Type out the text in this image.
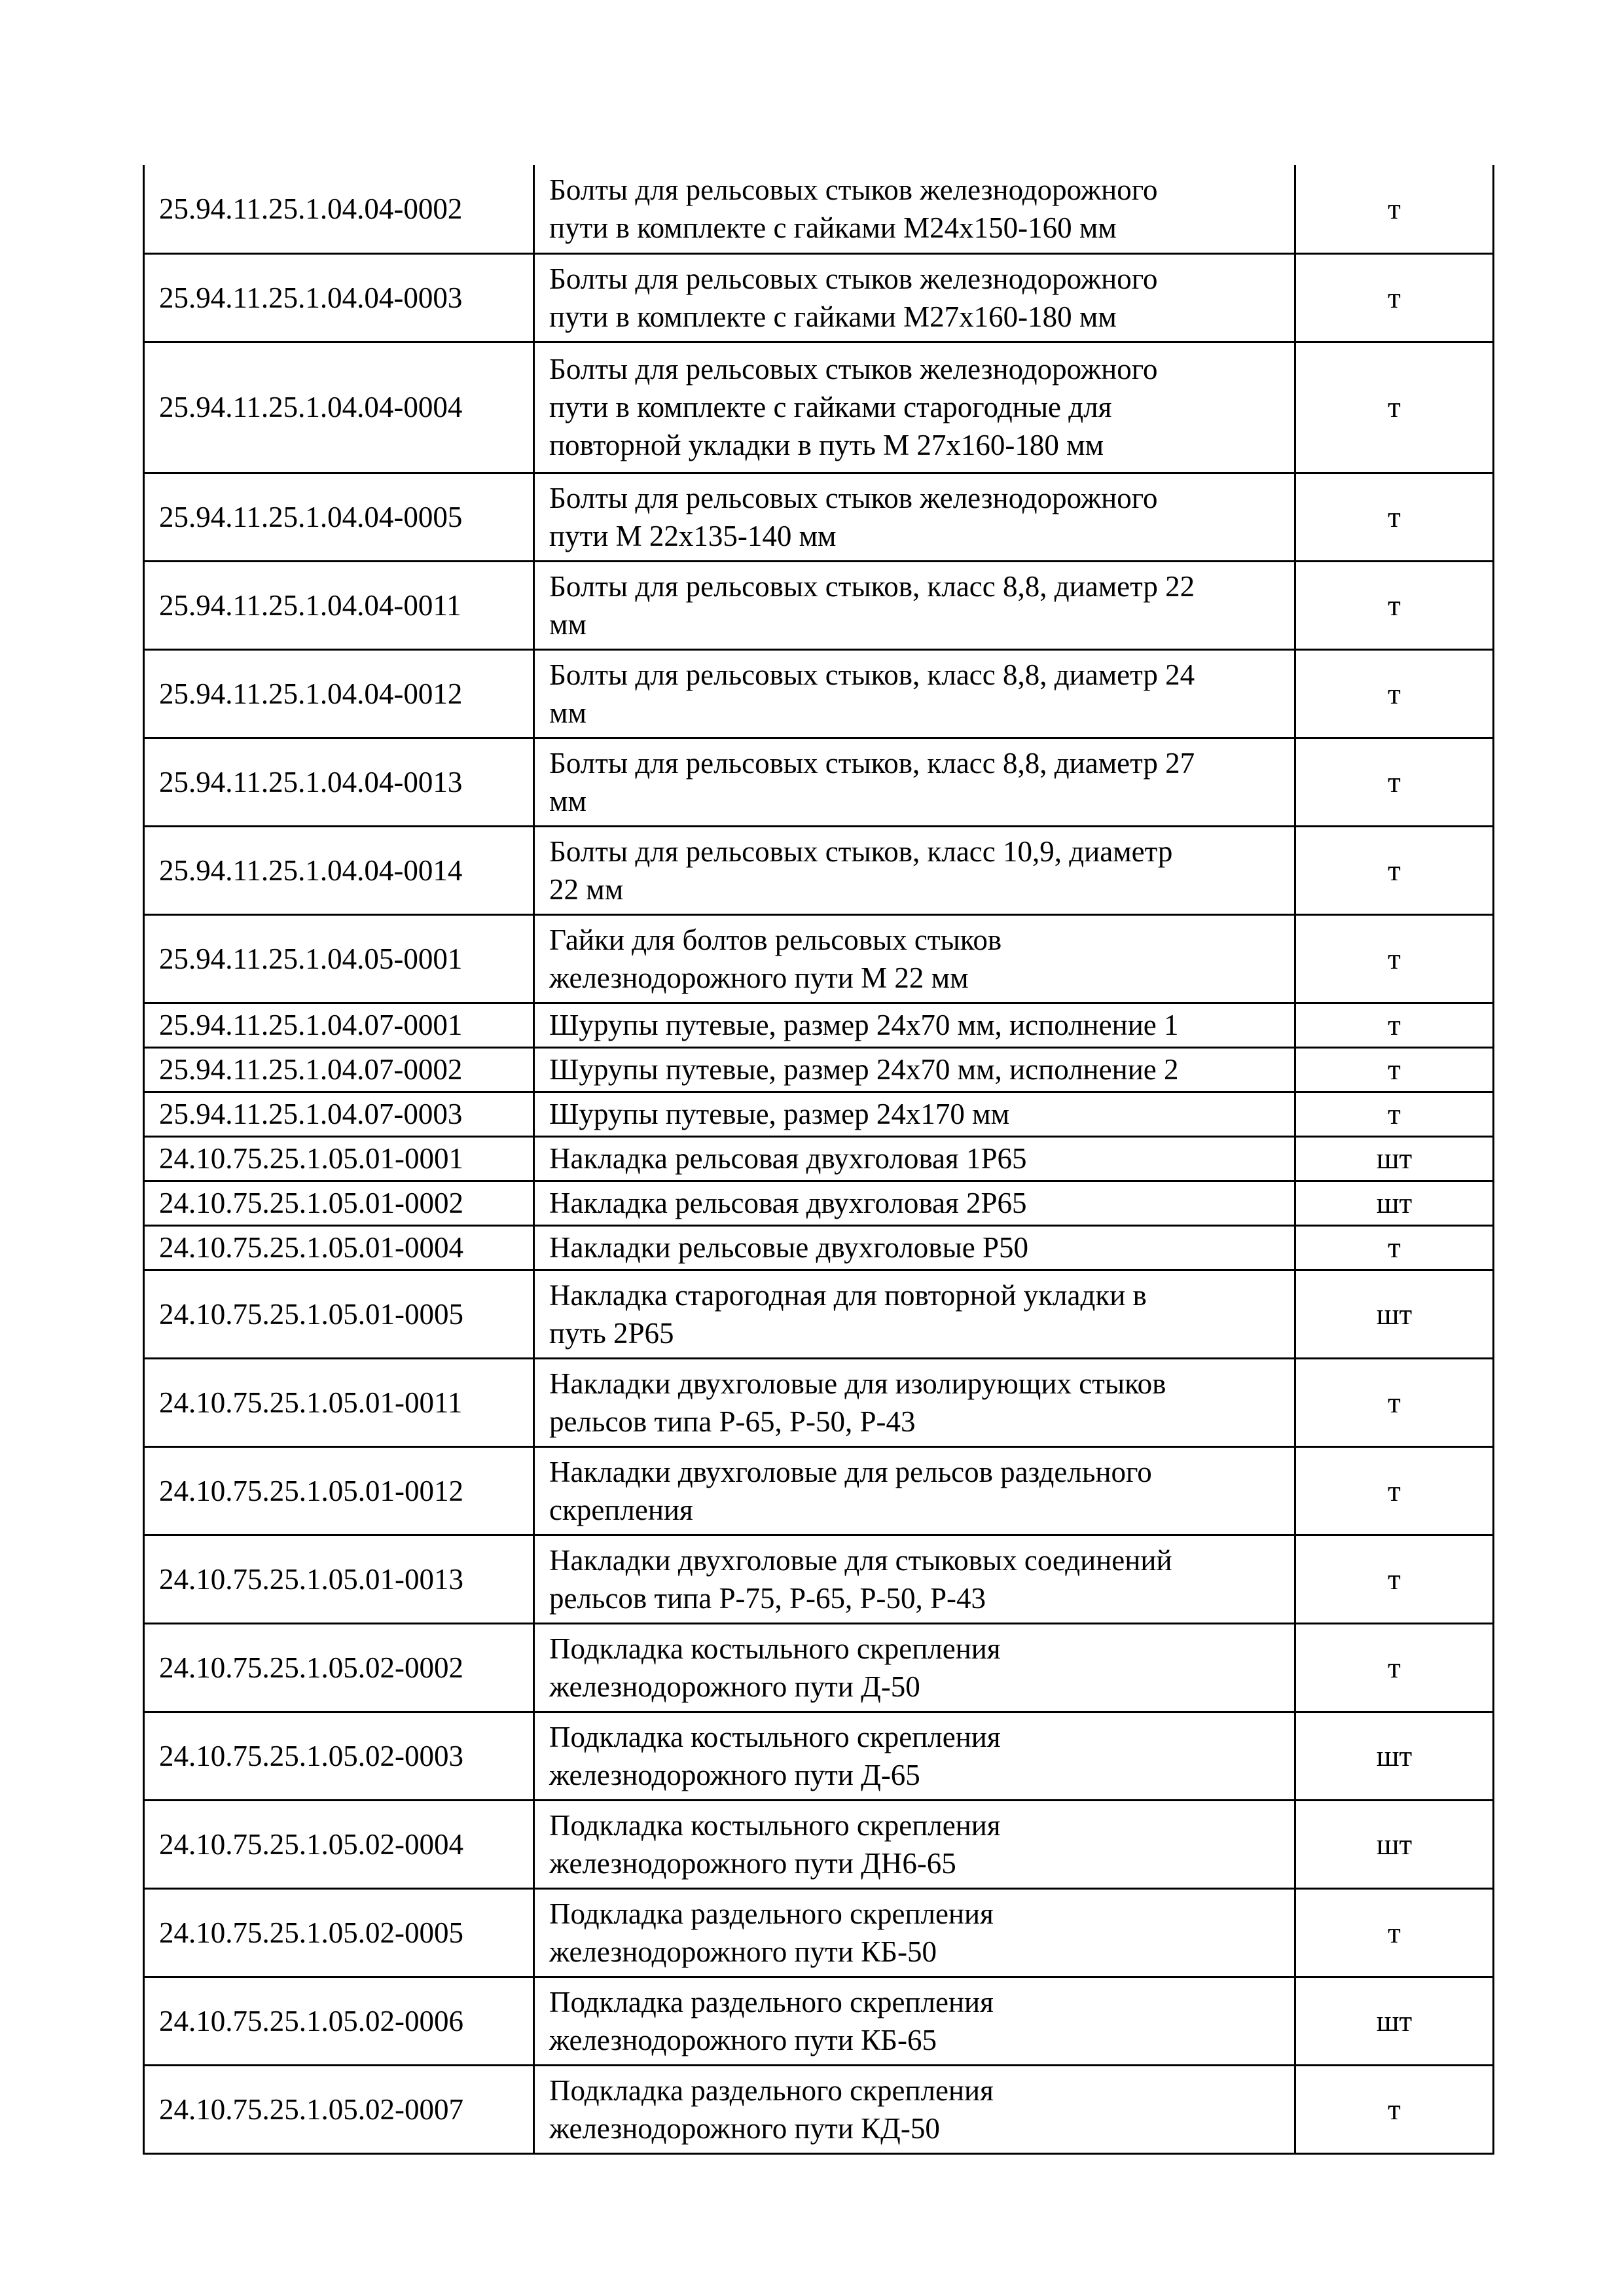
25.94.11.25.1.04.04-0002	Болты для рельсовых стыков железнодорожного
пути в комплекте с гайками М24x150-160 мм	т
25.94.11.25.1.04.04-0003	Болты для рельсовых стыков железнодорожного
пути в комплекте с гайками М27x160-180 мм	т
25.94.11.25.1.04.04-0004	Болты для рельсовых стыков железнодорожного
пути в комплекте с гайками старогодные для
повторной укладки в путь М 27x160-180 мм	т
25.94.11.25.1.04.04-0005	Болты для рельсовых стыков железнодорожного
пути М 22x135-140 мм	т
25.94.11.25.1.04.04-0011	Болты для рельсовых стыков, класс 8,8, диаметр 22
мм	т
25.94.11.25.1.04.04-0012	Болты для рельсовых стыков, класс 8,8, диаметр 24
мм	т
25.94.11.25.1.04.04-0013	Болты для рельсовых стыков, класс 8,8, диаметр 27
мм	т
25.94.11.25.1.04.04-0014	Болты для рельсовых стыков, класс 10,9, диаметр
22 мм	т
25.94.11.25.1.04.05-0001	Гайки для болтов рельсовых стыков
железнодорожного пути М 22 мм	т
25.94.11.25.1.04.07-0001	Шурупы путевые, размер 24x70 мм, исполнение 1	т
25.94.11.25.1.04.07-0002	Шурупы путевые, размер 24x70 мм, исполнение 2	т
25.94.11.25.1.04.07-0003	Шурупы путевые, размер 24x170 мм	т
24.10.75.25.1.05.01-0001	Накладка рельсовая двухголовая 1Р65	шт
24.10.75.25.1.05.01-0002	Накладка рельсовая двухголовая 2Р65	шт
24.10.75.25.1.05.01-0004	Накладки рельсовые двухголовые Р50	т
24.10.75.25.1.05.01-0005	Накладка старогодная для повторной укладки в
путь 2Р65	шт
24.10.75.25.1.05.01-0011	Накладки двухголовые для изолирующих стыков
рельсов типа Р-65, Р-50, Р-43	т
24.10.75.25.1.05.01-0012	Накладки двухголовые для рельсов раздельного
скрепления	т
24.10.75.25.1.05.01-0013	Накладки двухголовые для стыковых соединений
рельсов типа Р-75, Р-65, Р-50, Р-43	т
24.10.75.25.1.05.02-0002	Подкладка костыльного скрепления
железнодорожного пути Д-50	т
24.10.75.25.1.05.02-0003	Подкладка костыльного скрепления
железнодорожного пути Д-65	шт
24.10.75.25.1.05.02-0004	Подкладка костыльного скрепления
железнодорожного пути ДН6-65	шт
24.10.75.25.1.05.02-0005	Подкладка раздельного скрепления
железнодорожного пути КБ-50	т
24.10.75.25.1.05.02-0006	Подкладка раздельного скрепления
железнодорожного пути КБ-65	шт
24.10.75.25.1.05.02-0007	Подкладка раздельного скрепления
железнодорожного пути КД-50	т
